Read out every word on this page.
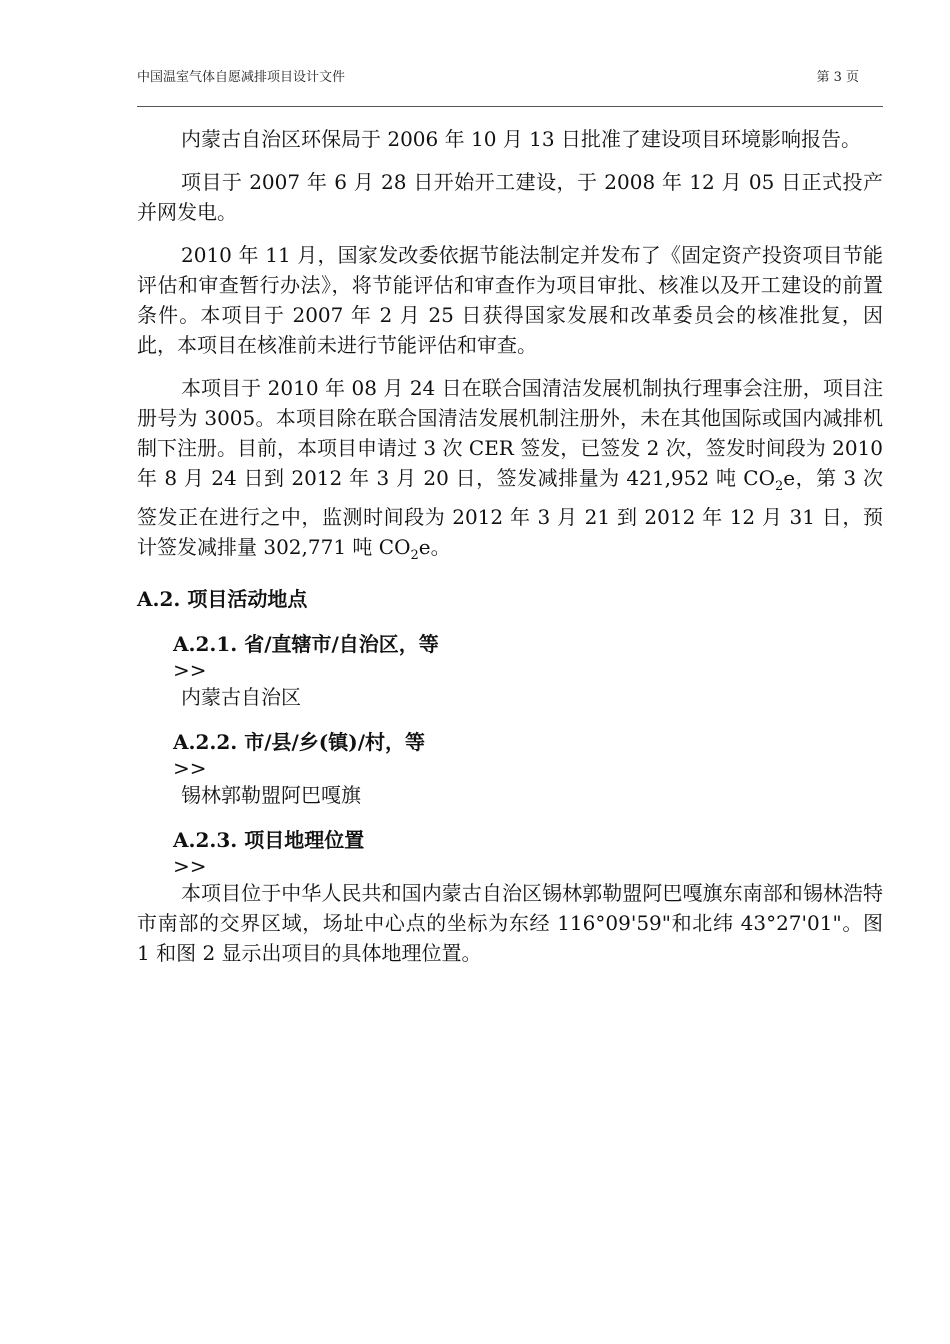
中国温室气体自愿减排项目设计文件	第 3 页

内蒙古自治区环保局于 2006 年 10 月 13 日批准了建设项目环境影响报告。

项目于 2007 年 6 月 28 日开始开工建设，于 2008 年 12 月 05 日正式投产并网发电。

2010 年 11 月，国家发改委依据节能法制定并发布了《固定资产投资项目节能评估和审查暂行办法》，将节能评估和审查作为项目审批、核准以及开工建设的前置条件。本项目于 2007 年 2 月 25 日获得国家发展和改革委员会的核准批复，因此，本项目在核准前未进行节能评估和审查。

本项目于 2010 年 08 月 24 日在联合国清洁发展机制执行理事会注册，项目注册号为 3005。本项目除在联合国清洁发展机制注册外，未在其他国际或国内减排机制下注册。目前，本项目申请过 3 次 CER 签发，已签发 2 次，签发时间段为 2010 年 8 月 24 日到 2012 年 3 月 20 日，签发减排量为 421,952 吨 $CO_2e$，第 3 次签发正在进行之中，监测时间段为 2012 年 3 月 21 到 2012 年 12 月 31 日，预计签发减排量 302,771 吨 $CO_2e$。

A.2. 项目活动地点
A.2.1. 省/直辖市/自治区，等
>>
内蒙古自治区
A.2.2. 市/县/乡(镇)/村，等
>>
锡林郭勒盟阿巴嘎旗
A.2.3. 项目地理位置
>>

本项目位于中华人民共和国内蒙古自治区锡林郭勒盟阿巴嘎旗东南部和锡林浩特市南部的交界区域，场址中心点的坐标为东经 116°09'59"和北纬 43°27'01"。图 1 和图 2 显示出项目的具体地理位置。
